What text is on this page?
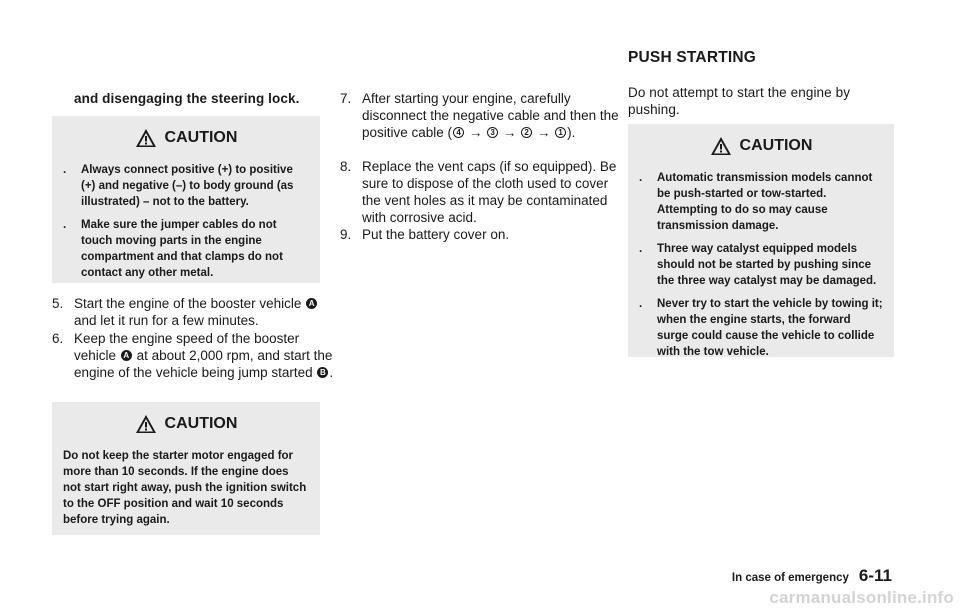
and disengaging the steering lock.
CAUTION
. Always connect positive (+) to positive (+) and negative (–) to body ground (as illustrated) – not to the battery.
. Make sure the jumper cables do not touch moving parts in the engine compartment and that clamps do not contact any other metal.
5. Start the engine of the booster vehicle A and let it run for a few minutes.
6. Keep the engine speed of the booster vehicle A at about 2,000 rpm, and start the engine of the vehicle being jump started B .
CAUTION

Do not keep the starter motor engaged for more than 10 seconds. If the engine does not start right away, push the ignition switch to the OFF position and wait 10 seconds before trying again.

7. After starting your engine, carefully disconnect the negative cable and then the positive cable ( 4 → 3 → 2 → 1 ).
8. Replace the vent caps (if so equipped). Be sure to dispose of the cloth used to cover the vent holes as it may be contaminated with corrosive acid.
9. Put the battery cover on.
PUSH STARTING
Do not attempt to start the engine by pushing.
CAUTION
. Automatic transmission models cannot be push-started or tow-started. Attempting to do so may cause transmission damage.
. Three way catalyst equipped models should not be started by pushing since the three way catalyst may be damaged.
. Never try to start the vehicle by towing it; when the engine starts, the forward surge could cause the vehicle to collide with the tow vehicle.
In case of emergency 6-11
carmanualsonline.info
